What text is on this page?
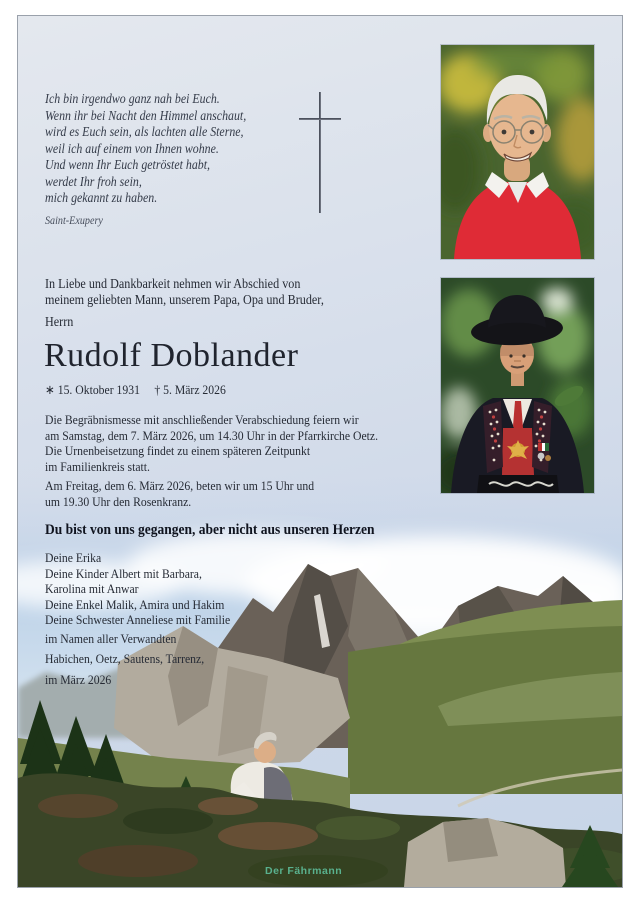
Der Fährmann
Ich bin irgendwo ganz nah bei Euch.
Wenn ihr bei Nacht den Himmel anschaut,
wird es Euch sein, als lachten alle Sterne,
weil ich auf einem von Ihnen wohne.
Und wenn Ihr Euch getröstet habt,
werdet Ihr froh sein,
mich gekannt zu haben.
Saint-Exupery
In Liebe und Dankbarkeit nehmen wir Abschied von
meinem geliebten Mann, unserem Papa, Opa und Bruder,
Herrn
Rudolf Doblander
∗ 15. Oktober 1931 † 5. März 2026
Die Begräbnismesse mit anschließender Verabschiedung feiern wir
am Samstag, dem 7. März 2026, um 14.30 Uhr in der Pfarrkirche Oetz.
Die Urnenbeisetzung findet zu einem späteren Zeitpunkt
im Familienkreis statt.
Am Freitag, dem 6. März 2026, beten wir um 15 Uhr und
um 19.30 Uhr den Rosenkranz.
Du bist von uns gegangen, aber nicht aus unseren Herzen
Deine Erika
Deine Kinder Albert mit Barbara,
Karolina mit Anwar
Deine Enkel Malik, Amira und Hakim
Deine Schwester Anneliese mit Familie
im Namen aller Verwandten
Habichen, Oetz, Sautens, Tarrenz,
im März 2026
